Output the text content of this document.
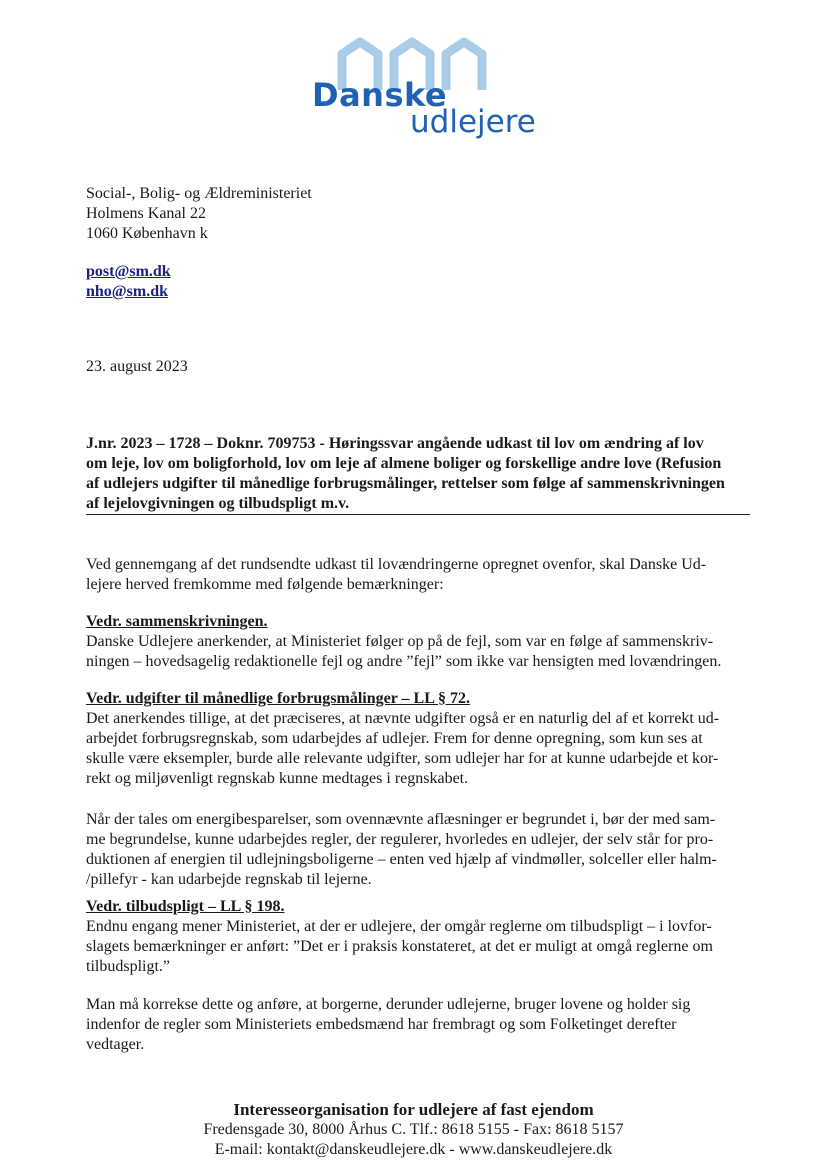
Danske
udlejere
Social-, Bolig- og Ældreministeriet
Holmens Kanal 22
1060 København k
post@sm.dk
nho@sm.dk
23. august 2023
J.nr. 2023 – 1728 – Doknr. 709753 - Høringssvar angående udkast til lov om ændring af lov
om leje, lov om boligforhold, lov om leje af almene boliger og forskellige andre love (Refusion
af udlejers udgifter til månedlige forbrugsmålinger, rettelser som følge af sammenskrivningen
af lejelovgivningen og tilbudspligt m.v.
Ved gennemgang af det rundsendte udkast til lovændringerne opregnet ovenfor, skal Danske Ud-
lejere herved fremkomme med følgende bemærkninger:
Vedr. sammenskrivningen.
Danske Udlejere anerkender, at Ministeriet følger op på de fejl, som var en følge af sammenskriv-
ningen – hovedsagelig redaktionelle fejl og andre ”fejl” som ikke var hensigten med lovændringen.
Vedr. udgifter til månedlige forbrugsmålinger – LL § 72.
Det anerkendes tillige, at det præciseres, at nævnte udgifter også er en naturlig del af et korrekt ud-
arbejdet forbrugsregnskab, som udarbejdes af udlejer. Frem for denne opregning, som kun ses at
skulle være eksempler, burde alle relevante udgifter, som udlejer har for at kunne udarbejde et kor-
rekt og miljøvenligt regnskab kunne medtages i regnskabet.
Når der tales om energibesparelser, som ovennævnte aflæsninger er begrundet i, bør der med sam-
me begrundelse, kunne udarbejdes regler, der regulerer, hvorledes en udlejer, der selv står for pro-
duktionen af energien til udlejningsboligerne – enten ved hjælp af vindmøller, solceller eller halm-
/pillefyr - kan udarbejde regnskab til lejerne.
Vedr. tilbudspligt – LL § 198.
Endnu engang mener Ministeriet, at der er udlejere, der omgår reglerne om tilbudspligt – i lovfor-
slagets bemærkninger er anført: ”Det er i praksis konstateret, at det er muligt at omgå reglerne om
tilbudspligt.”
Man må korrekse dette og anføre, at borgerne, derunder udlejerne, bruger lovene og holder sig
indenfor de regler som Ministeriets embedsmænd har frembragt og som Folketinget derefter
vedtager.
Interesseorganisation for udlejere af fast ejendom
Fredensgade 30, 8000 Århus C. Tlf.: 8618 5155 - Fax: 8618 5157
E-mail: kontakt@danskeudlejere.dk - www.danskeudlejere.dk
